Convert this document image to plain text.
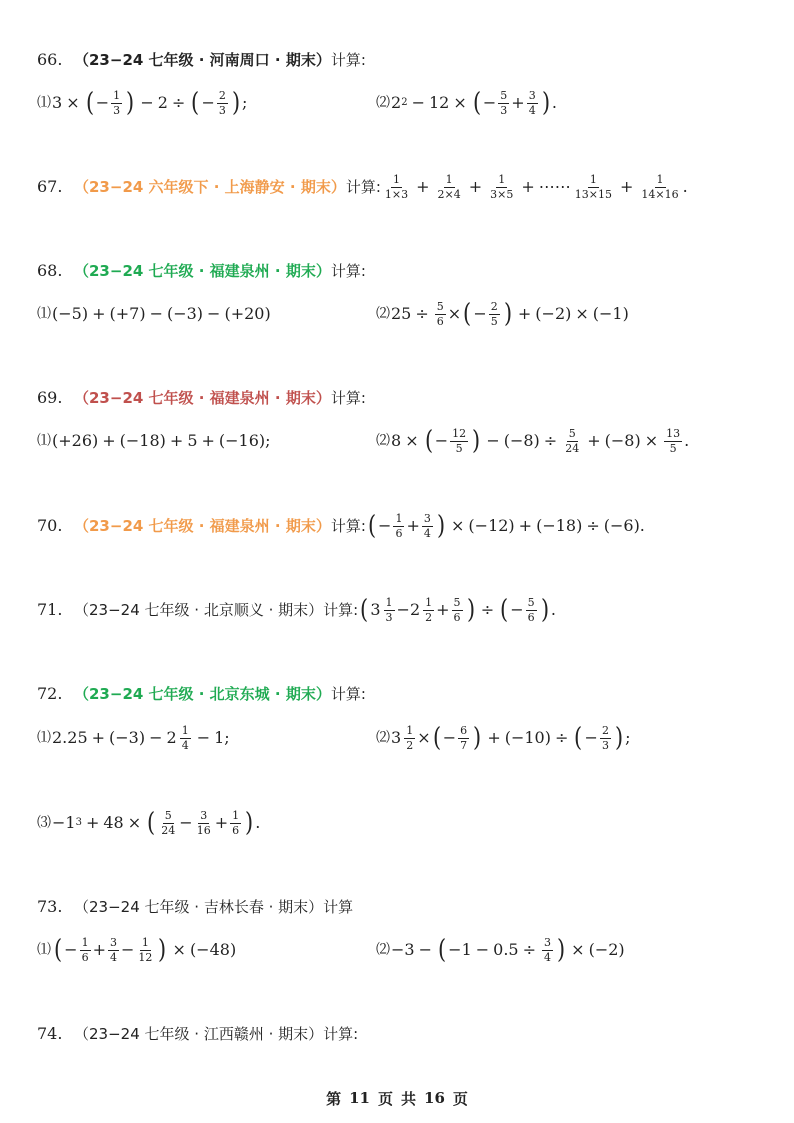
66. （23−24 七年级 · 河南周口 · 期末） 计算:
⑴ 3 × ( − $\frac{1}{3}$ ) − 2 ÷ ( − $\frac{2}{3}$ ) ;	⑵ 2 2 − 12 × ( − $\frac{5}{3} + \frac{3}{4}$ ) .
67. （23−24 六年级下 · 上海静安 · 期末） 计算: $\frac{1}{1\times 3} + \frac{1}{2\times 4} + \frac{1}{3\times 5}$ + ⋯⋯ $\frac{1}{13\times 15} + \frac{1}{14\times 16}$ .
68. （23−24 七年级 · 福建泉州 · 期末） 计算:
⑴ (−5) + (+7) − (−3) − (+20)	⑵ $25 \div \frac{5}{6}$ × ( − $\frac{2}{5}$ ) + (−2) × (−1)
69. （23−24 七年级 · 福建泉州 · 期末） 计算:
⑴ (+26) + (−18) + 5 + (−16);	⑵ 8 × ( − $\frac{12}{5}$ ) − $(-8) \div \frac{5}{24} + (-8) \times \frac{13}{5}$ .
70. （23−24 七年级 · 福建泉州 · 期末） 计算: ( − $\frac{1}{6} + \frac{3}{4}$ ) × (−12) + (−18) ÷ (−6).
71. （23−24 七年级 · 北京顺义 · 期末） 计算: ( $3 \frac{1}{3} - 2 \frac{1}{2} + \frac{5}{6}$ ) ÷ ( − $\frac{5}{6}$ ) .
72. （23−24 七年级 · 北京东城 · 期末） 计算:
⑴ $2.25 + (-3) - 2 \frac{1}{4} - 1$;	⑵ $3 \frac{1}{2}$ × ( − $\frac{6}{7}$ ) + (−10) ÷ ( − $\frac{2}{3}$ ) ;
⑶ −1 3 + 48 × ( $\frac{5}{24} - \frac{3}{16} + \frac{1}{6}$ ) .
73. （23−24 七年级 · 吉林长春 · 期末） 计算
⑴ ( − $\frac{1}{6} + \frac{3}{4} - \frac{1}{12}$ ) × (−48)	⑵ −3 − ( $-1 - 0.5 \div \frac{3}{4}$ ) × (−2)
74. （23−24 七年级 · 江西赣州 · 期末） 计算:
第 11 页 共 16 页
